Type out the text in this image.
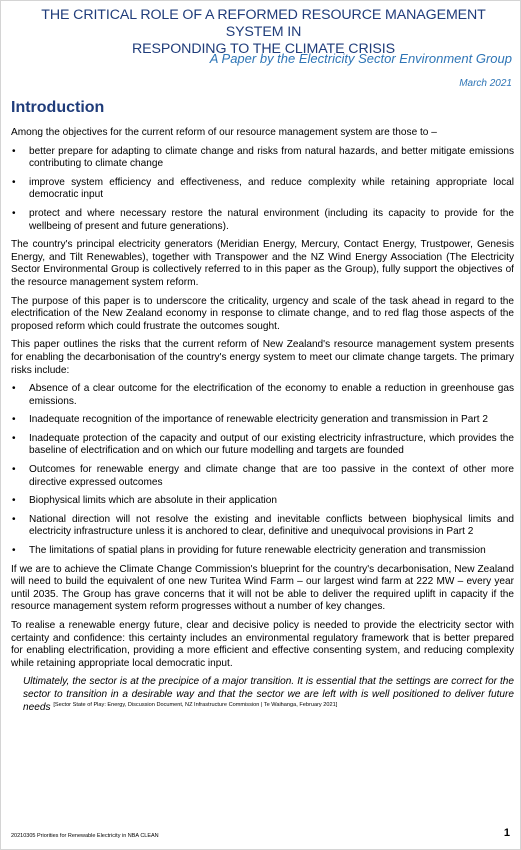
THE CRITICAL ROLE OF A REFORMED RESOURCE MANAGEMENT SYSTEM IN
RESPONDING TO THE CLIMATE CRISIS
A Paper by the Electricity Sector Environment Group
March 2021
Introduction

Among the objectives for the current reform of our resource management system are those to –

• better prepare for adapting to climate change and risks from natural hazards, and better mitigate emissions contributing to climate change
• improve system efficiency and effectiveness, and reduce complexity while retaining appropriate local democratic input
• protect and where necessary restore the natural environment (including its capacity to provide for the wellbeing of present and future generations).

The country's principal electricity generators (Meridian Energy, Mercury, Contact Energy, Trustpower, Genesis Energy, and Tilt Renewables), together with Transpower and the NZ Wind Energy Association (The Electricity Sector Environmental Group is collectively referred to in this paper as the Group), fully support the objectives of the resource management system reform.

The purpose of this paper is to underscore the criticality, urgency and scale of the task ahead in regard to the electrification of the New Zealand economy in response to climate change, and to red flag those aspects of the proposed reform which could frustrate the outcomes sought.

This paper outlines the risks that the current reform of New Zealand's resource management system presents for enabling the decarbonisation of the country's energy system to meet our climate change targets. The primary risks include:

• Absence of a clear outcome for the electrification of the economy to enable a reduction in greenhouse gas emissions.
• Inadequate recognition of the importance of renewable electricity generation and transmission in Part 2
• Inadequate protection of the capacity and output of our existing electricity infrastructure, which provides the baseline of electrification and on which our future modelling and targets are founded
• Outcomes for renewable energy and climate change that are too passive in the context of other more directive expressed outcomes
• Biophysical limits which are absolute in their application
• National direction will not resolve the existing and inevitable conflicts between biophysical limits and electricity infrastructure unless it is anchored to clear, definitive and unequivocal provisions in Part 2
• The limitations of spatial plans in providing for future renewable electricity generation and transmission

If we are to achieve the Climate Change Commission's blueprint for the country's decarbonisation, New Zealand will need to build the equivalent of one new Turitea Wind Farm – our largest wind farm at 222 MW – every year until 2035. The Group has grave concerns that it will not be able to deliver the required uplift in capacity if the resource management system reform progresses without a number of key changes.

To realise a renewable energy future, clear and decisive policy is needed to provide the electricity sector with certainty and confidence: this certainty includes an environmental regulatory framework that is better prepared for enabling electrification, providing a more efficient and effective consenting system, and reducing complexity while retaining appropriate local democratic input.

Ultimately, the sector is at the precipice of a major transition. It is essential that the settings are correct for the sector to transition in a desirable way and that the sector we are left with is well positioned to deliver future needs [Sector State of Play: Energy, Discussion Document, NZ Infrastructure Commission | Te Waihanga, February 2021]

20210305 Priorities for Renewable Electricity in NBA CLEAN	1
